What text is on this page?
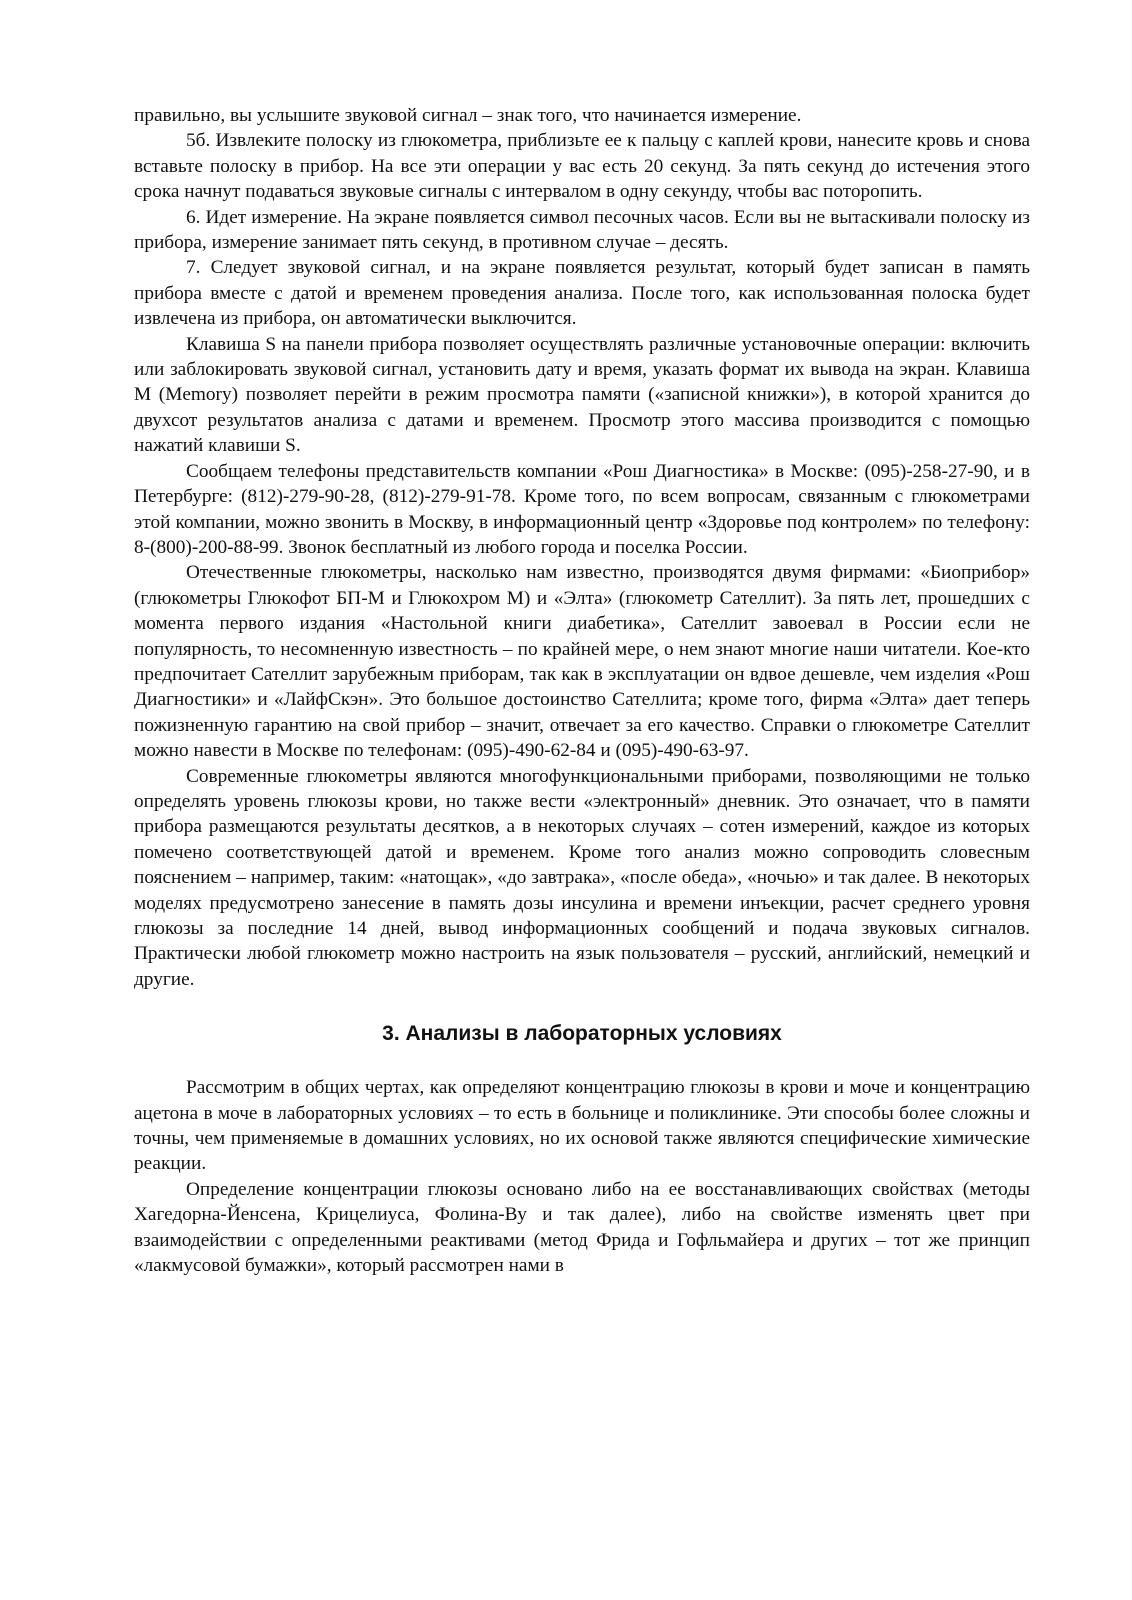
правильно, вы услышите звуковой сигнал – знак того, что начинается измерение.

5б. Извлеките полоску из глюкометра, приблизьте ее к пальцу с каплей крови, нанесите кровь и снова вставьте полоску в прибор. На все эти операции у вас есть 20 секунд. За пять секунд до истечения этого срока начнут подаваться звуковые сигналы с интервалом в одну секунду, чтобы вас поторопить.

6. Идет измерение. На экране появляется символ песочных часов. Если вы не вытаскивали полоску из прибора, измерение занимает пять секунд, в противном случае – десять.

7. Следует звуковой сигнал, и на экране появляется результат, который будет записан в память прибора вместе с датой и временем проведения анализа. После того, как использованная полоска будет извлечена из прибора, он автоматически выключится.

Клавиша S на панели прибора позволяет осуществлять различные установочные операции: включить или заблокировать звуковой сигнал, установить дату и время, указать формат их вывода на экран. Клавиша М (Memory) позволяет перейти в режим просмотра памяти («записной книжки»), в которой хранится до двухсот результатов анализа с датами и временем. Просмотр этого массива производится с помощью нажатий клавиши S.

Сообщаем телефоны представительств компании «Рош Диагностика» в Москве: (095)-258-27-90, и в Петербурге: (812)-279-90-28, (812)-279-91-78. Кроме того, по всем вопросам, связанным с глюкометрами этой компании, можно звонить в Москву, в информационный центр «Здоровье под контролем» по телефону: 8-(800)-200-88-99. Звонок бесплатный из любого города и поселка России.

Отечественные глюкометры, насколько нам известно, производятся двумя фирмами: «Биоприбор» (глюкометры Глюкофот БП-М и Глюкохром М) и «Элта» (глюкометр Сателлит). За пять лет, прошедших с момента первого издания «Настольной книги диабетика», Сателлит завоевал в России если не популярность, то несомненную известность – по крайней мере, о нем знают многие наши читатели. Кое-кто предпочитает Сателлит зарубежным приборам, так как в эксплуатации он вдвое дешевле, чем изделия «Рош Диагностики» и «ЛайфСкэн». Это большое достоинство Сателлита; кроме того, фирма «Элта» дает теперь пожизненную гарантию на свой прибор – значит, отвечает за его качество. Справки о глюкометре Сателлит можно навести в Москве по телефонам: (095)-490-62-84 и (095)-490-63-97.

Современные глюкометры являются многофункциональными приборами, позволяющими не только определять уровень глюкозы крови, но также вести «электронный» дневник. Это означает, что в памяти прибора размещаются результаты десятков, а в некоторых случаях – сотен измерений, каждое из которых помечено соответствующей датой и временем. Кроме того анализ можно сопроводить словесным пояснением – например, таким: «натощак», «до завтрака», «после обеда», «ночью» и так далее. В некоторых моделях предусмотрено занесение в память дозы инсулина и времени инъекции, расчет среднего уровня глюкозы за последние 14 дней, вывод информационных сообщений и подача звуковых сигналов. Практически любой глюкометр можно настроить на язык пользователя – русский, английский, немецкий и другие.

3. Анализы в лабораторных условиях

Рассмотрим в общих чертах, как определяют концентрацию глюкозы в крови и моче и концентрацию ацетона в моче в лабораторных условиях – то есть в больнице и поликлинике. Эти способы более сложны и точны, чем применяемые в домашних условиях, но их основой также являются специфические химические реакции.

Определение концентрации глюкозы основано либо на ее восстанавливающих свойствах (методы Хагедорна-Йенсена, Крицелиуса, Фолина-Ву и так далее), либо на свойстве изменять цвет при взаимодействии с определенными реактивами (метод Фрида и Гофльмайера и других – тот же принцип «лакмусовой бумажки», который рассмотрен нами в
